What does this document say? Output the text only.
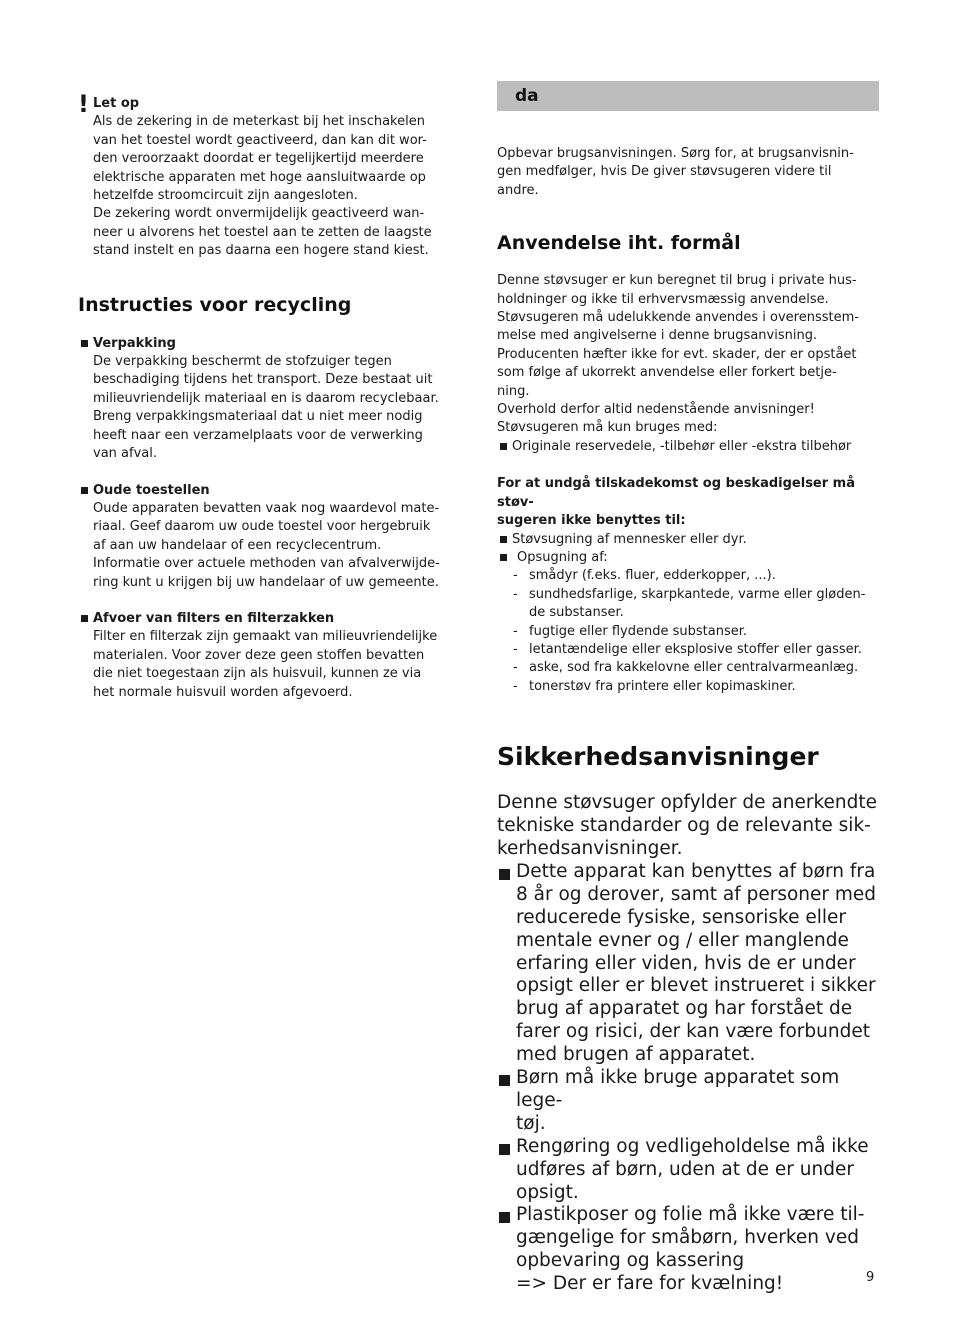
! Let op
Als de zekering in de meterkast bij het inschakelen
van het toestel wordt geactiveerd, dan kan dit wor-
den veroorzaakt doordat er tegelijkertijd meerdere
elektrische apparaten met hoge aansluitwaarde op
hetzelfde stroomcircuit zijn aangesloten.
De zekering wordt onvermijdelijk geactiveerd wan-
neer u alvorens het toestel aan te zetten de laagste
stand instelt en pas daarna een hogere stand kiest.
Instructies voor recycling
Verpakking
De verpakking beschermt de stofzuiger tegen
beschadiging tijdens het transport. Deze bestaat uit
milieuvriendelijk materiaal en is daarom recyclebaar.
Breng verpakkingsmateriaal dat u niet meer nodig
heeft naar een verzamelplaats voor de verwerking
van afval.
Oude toestellen
Oude apparaten bevatten vaak nog waardevol mate-
riaal. Geef daarom uw oude toestel voor hergebruik
af aan uw handelaar of een recyclecentrum.
Informatie over actuele methoden van afvalverwijde-
ring kunt u krijgen bij uw handelaar of uw gemeente.
Afvoer van filters en filterzakken
Filter en filterzak zijn gemaakt van milieuvriendelijke
materialen. Voor zover deze geen stoffen bevatten
die niet toegestaan zijn als huisvuil, kunnen ze via
het normale huisvuil worden afgevoerd.
da
Opbevar brugsanvisningen. Sørg for, at brugsanvisnin-
gen medfølger, hvis De giver støvsugeren videre til
andre.
Anvendelse iht. formål
Denne støvsuger er kun beregnet til brug i private hus-
holdninger og ikke til erhvervsmæssig anvendelse.
Støvsugeren må udelukkende anvendes i overensstem-
melse med angivelserne i denne brugsanvisning.
Producenten hæfter ikke for evt. skader, der er opstået
som følge af ukorrekt anvendelse eller forkert betje-
ning.
Overhold derfor altid nedenstående anvisninger!
Støvsugeren må kun bruges med:
Originale reservedele, -tilbehør eller -ekstra tilbehør
For at undgå tilskadekomst og beskadigelser må støv-
sugeren ikke benyttes til:
Støvsugning af mennesker eller dyr.
Opsugning af:
- smådyr (f.eks. fluer, edderkopper, ...).
- sundhedsfarlige, skarpkantede, varme eller gløden-
de substanser.
- fugtige eller flydende substanser.
- letantændelige eller eksplosive stoffer eller gasser.
- aske, sod fra kakkelovne eller centralvarmeanlæg.
- tonerstøv fra printere eller kopimaskiner.
Sikkerhedsanvisninger
Denne støvsuger opfylder de anerkendte
tekniske standarder og de relevante sik-
kerhedsanvisninger.
Dette apparat kan benyttes af børn fra
8 år og derover, samt af personer med
reducerede fysiske, sensoriske eller
mentale evner og / eller manglende
erfaring eller viden, hvis de er under
opsigt eller er blevet instrueret i sikker
brug af apparatet og har forstået de
farer og risici, der kan være forbundet
med brugen af apparatet.
Børn må ikke bruge apparatet som lege-
tøj.
Rengøring og vedligeholdelse må ikke
udføres af børn, uden at de er under
opsigt.
Plastikposer og folie må ikke være til-
gængelige for småbørn, hverken ved
opbevaring og kassering
=> Der er fare for kvælning!	9
